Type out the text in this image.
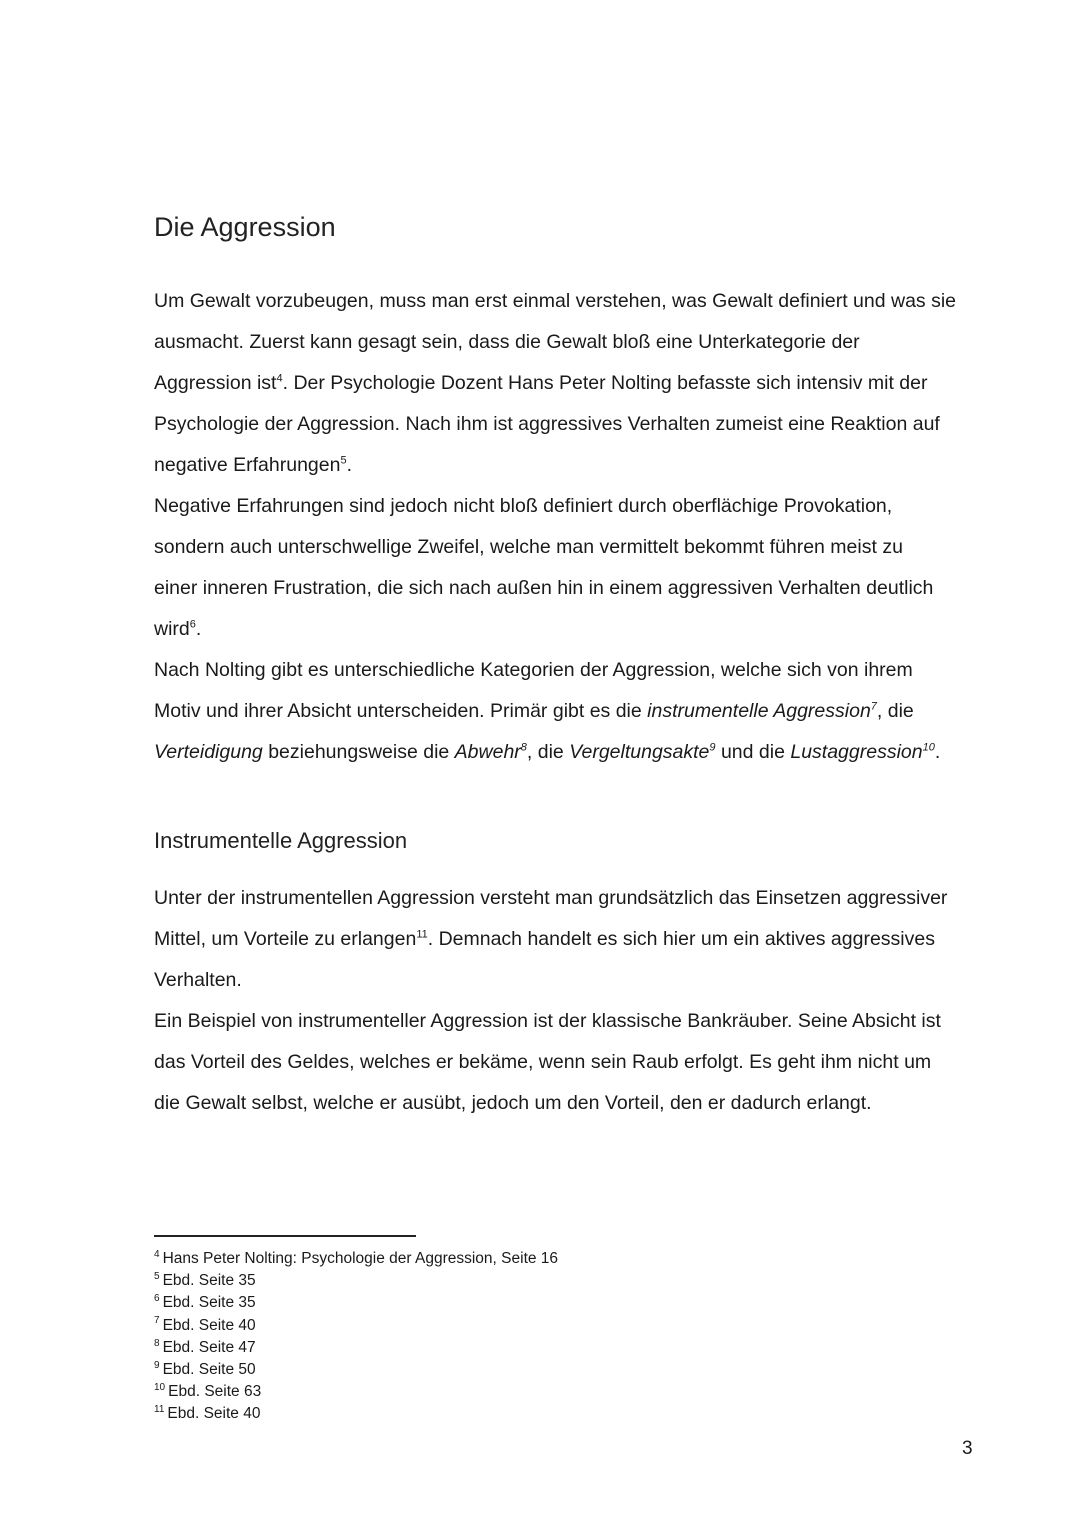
Die Aggression

Um Gewalt vorzubeugen, muss man erst einmal verstehen, was Gewalt definiert und was sie

ausmacht. Zuerst kann gesagt sein, dass die Gewalt bloß eine Unterkategorie der

Aggression ist$^4$. Der Psychologie Dozent Hans Peter Nolting befasste sich intensiv mit der

Psychologie der Aggression. Nach ihm ist aggressives Verhalten zumeist eine Reaktion auf

negative Erfahrungen$^5$.

Negative Erfahrungen sind jedoch nicht bloß definiert durch oberflächige Provokation,

sondern auch unterschwellige Zweifel, welche man vermittelt bekommt führen meist zu

einer inneren Frustration, die sich nach außen hin in einem aggressiven Verhalten deutlich

wird$^6$.

Nach Nolting gibt es unterschiedliche Kategorien der Aggression, welche sich von ihrem

Motiv und ihrer Absicht unterscheiden. Primär gibt es die instrumentelle Aggression$^7$, die

Verteidigung beziehungsweise die Abwehr$^8$, die Vergeltungsakte$^9$ und die Lustaggression$^{10}$.

Instrumentelle Aggression

Unter der instrumentellen Aggression versteht man grundsätzlich das Einsetzen aggressiver

Mittel, um Vorteile zu erlangen$^{11}$. Demnach handelt es sich hier um ein aktives aggressives

Verhalten.

Ein Beispiel von instrumenteller Aggression ist der klassische Bankräuber. Seine Absicht ist

das Vorteil des Geldes, welches er bekäme, wenn sein Raub erfolgt. Es geht ihm nicht um

die Gewalt selbst, welche er ausübt, jedoch um den Vorteil, den er dadurch erlangt.

$^4$ Hans Peter Nolting: Psychologie der Aggression, Seite 16
$^5$ Ebd. Seite 35
$^6$ Ebd. Seite 35
$^7$ Ebd. Seite 40
$^8$ Ebd. Seite 47
$^9$ Ebd. Seite 50
$^{10}$ Ebd. Seite 63
$^{11}$ Ebd. Seite 40
3
